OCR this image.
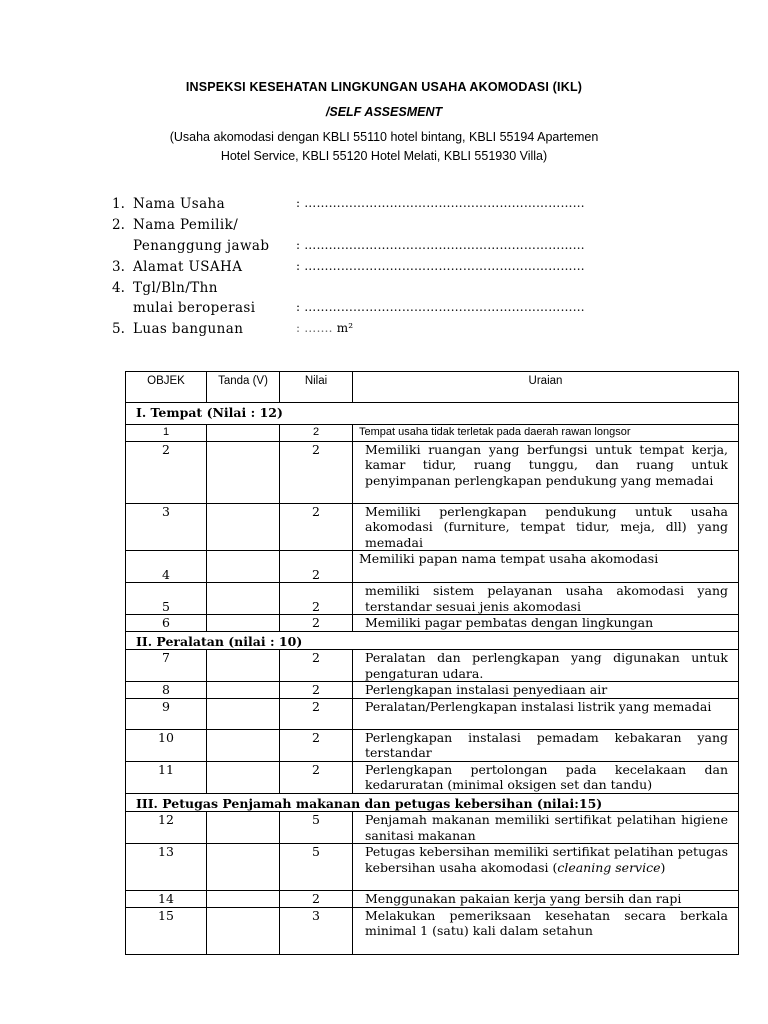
INSPEKSI KESEHATAN LINGKUNGAN USAHA AKOMODASI (IKL)
/SELF ASSESMENT
(Usaha akomodasi dengan KBLI 55110 hotel bintang, KBLI 55194 Apartemen
Hotel Service, KBLI 55120 Hotel Melati, KBLI 551930 Villa)
1. Nama Usaha	: ……………………………………………………………
2. Nama Pemilik/
Penanggung jawab : ……………………………………………………………
3. Alamat USAHA	: ……………………………………………………………
4. Tgl/Bln/Thn
mulai beroperasi	: ……………………………………………………………
5. Luas bangunan	: ……. m²
OBJEK	Tanda (V)	Nilai	Uraian
I. Tempat (Nilai : 12)			
1		2	Tempat usaha tidak terletak pada daerah rawan longsor
2		2	Memiliki ruangan yang berfungsi untuk tempat kerja, kamar tidur, ruang tunggu, dan ruang untuk penyimpanan perlengkapan pendukung yang memadai
3		2	Memiliki perlengkapan pendukung untuk usaha akomodasi (furniture, tempat tidur, meja, dll) yang memadai
4		2	Memiliki papan nama tempat usaha akomodasi
5		2	memiliki sistem pelayanan usaha akomodasi yang terstandar sesuai jenis akomodasi
6		2	Memiliki pagar pembatas dengan lingkungan
II. Peralatan (nilai : 10)			
7		2	Peralatan dan perlengkapan yang digunakan untuk pengaturan udara.
8		2	Perlengkapan instalasi penyediaan air
9		2	Peralatan/Perlengkapan instalasi listrik yang memadai
10		2	Perlengkapan instalasi pemadam kebakaran yang terstandar
11		2	Perlengkapan pertolongan pada kecelakaan dan kedaruratan (minimal oksigen set dan tandu)
III. Petugas Penjamah makanan dan petugas kebersihan (nilai:15)			
12		5	Penjamah makanan memiliki sertifikat pelatihan higiene sanitasi makanan
13		5	Petugas kebersihan memiliki sertifikat pelatihan petugas kebersihan usaha akomodasi (cleaning service)
14		2	Menggunakan pakaian kerja yang bersih dan rapi
15		3	Melakukan pemeriksaan kesehatan secara berkala minimal 1 (satu) kali dalam setahun
